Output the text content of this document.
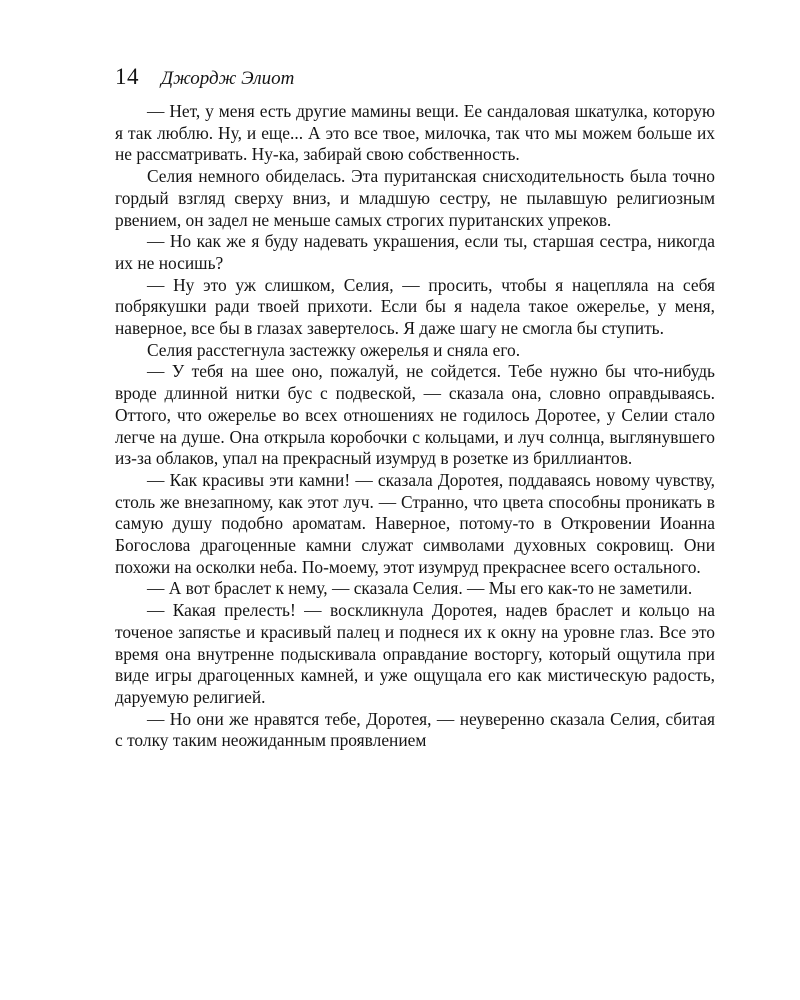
14 Джордж Элиот

— Нет, у меня есть другие мамины вещи. Ее сандаловая шкатулка, которую я так люблю. Ну, и еще... А это все твое, милочка, так что мы можем больше их не рассматривать. Ну-ка, забирай свою собственность.

Селия немного обиделась. Эта пуританская снисходительность была точно гордый взгляд сверху вниз, и младшую сестру, не пылавшую религиозным рвением, он задел не меньше самых строгих пуританских упреков.

— Но как же я буду надевать украшения, если ты, старшая сестра, никогда их не носишь?

— Ну это уж слишком, Селия, — просить, чтобы я нацепляла на себя побрякушки ради твоей прихоти. Если бы я надела такое ожерелье, у меня, наверное, все бы в глазах завертелось. Я даже шагу не смогла бы ступить.

Селия расстегнула застежку ожерелья и сняла его.

— У тебя на шее оно, пожалуй, не сойдется. Тебе нужно бы что-нибудь вроде длинной нитки бус с подвеской, — сказала она, словно оправдываясь. Оттого, что ожерелье во всех отношениях не годилось Доротее, у Селии стало легче на душе. Она открыла коробочки с кольцами, и луч солнца, выглянувшего из-за облаков, упал на прекрасный изумруд в розетке из бриллиантов.

— Как красивы эти камни! — сказала Доротея, поддаваясь новому чувству, столь же внезапному, как этот луч. — Странно, что цвета способны проникать в самую душу подобно ароматам. Наверное, потому-то в Откровении Иоанна Богослова драгоценные камни служат символами духовных сокровищ. Они похожи на осколки неба. По-моему, этот изумруд прекраснее всего остального.

— А вот браслет к нему, — сказала Селия. — Мы его как-то не заметили.

— Какая прелесть! — воскликнула Доротея, надев браслет и кольцо на точеное запястье и красивый палец и поднеся их к окну на уровне глаз. Все это время она внутренне подыскивала оправдание восторгу, который ощутила при виде игры драгоценных камней, и уже ощущала его как мистическую радость, даруемую религией.

— Но они же нравятся тебе, Доротея, — неуверенно сказала Селия, сбитая с толку таким неожиданным проявлением
